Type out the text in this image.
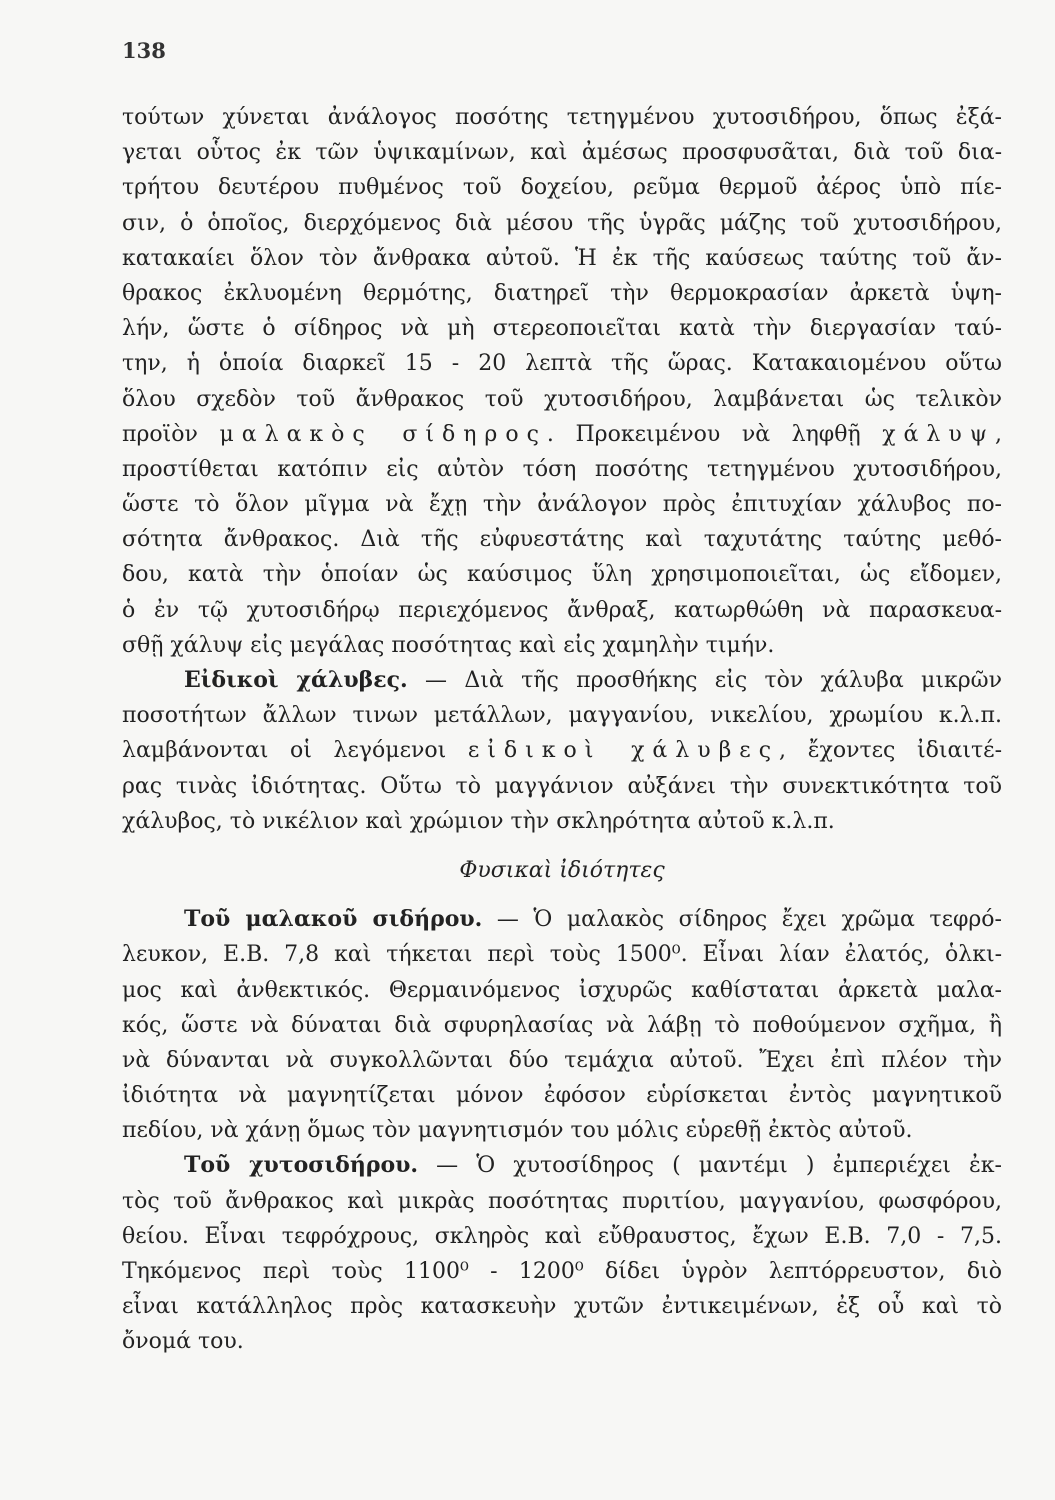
138
τούτων χύνεται ἀνάλογος ποσότης τετηγμένου χυτοσιδήρου, ὅπως ἐξά-
γεται οὗτος ἐκ τῶν ὑψικαμίνων, καὶ ἀμέσως προσφυσᾶται, διὰ τοῦ δια-
τρήτου δευτέρου πυθμένος τοῦ δοχείου, ρεῦμα θερμοῦ ἀέρος ὑπὸ πίε-
σιν, ὁ ὁποῖος, διερχόμενος διὰ μέσου τῆς ὑγρᾶς μάζης τοῦ χυτοσιδήρου,
κατακαίει ὅλον τὸν ἄνθρακα αὐτοῦ. Ἡ ἐκ τῆς καύσεως ταύτης τοῦ ἄν-
θρακος ἐκλυομένη θερμότης, διατηρεῖ τὴν θερμοκρασίαν ἀρκετὰ ὑψη-
λήν, ὥστε ὁ σίδηρος νὰ μὴ στερεοποιεῖται κατὰ τὴν διεργασίαν ταύ-
την, ἡ ὁποία διαρκεῖ 15 - 20 λεπτὰ τῆς ὥρας. Κατακαιομένου οὕτω
ὅλου σχεδὸν τοῦ ἄνθρακος τοῦ χυτοσιδήρου, λαμβάνεται ὡς τελικὸν
προϊὸν μαλακὸς σίδηρος. Προκειμένου νὰ ληφθῇ χάλυψ,
προστίθεται κατόπιν εἰς αὐτὸν τόση ποσότης τετηγμένου χυτοσιδήρου,
ὥστε τὸ ὅλον μῖγμα νὰ ἔχῃ τὴν ἀνάλογον πρὸς ἐπιτυχίαν χάλυβος πο-
σότητα ἄνθρακος. Διὰ τῆς εὐφυεστάτης καὶ ταχυτάτης ταύτης μεθό-
δου, κατὰ τὴν ὁποίαν ὡς καύσιμος ὕλη χρησιμοποιεῖται, ὡς εἴδομεν,
ὁ ἐν τῷ χυτοσιδήρῳ περιεχόμενος ἄνθραξ, κατωρθώθη νὰ παρασκευα-
σθῇ χάλυψ εἰς μεγάλας ποσότητας καὶ εἰς χαμηλὴν τιμήν.
Εἰδικοὶ χάλυβες. — Διὰ τῆς προσθήκης εἰς τὸν χάλυβα μικρῶν
ποσοτήτων ἄλλων τινων μετάλλων, μαγγανίου, νικελίου, χρωμίου κ.λ.π.
λαμβάνονται οἱ λεγόμενοι εἰδικοὶ χάλυβες, ἔχοντες ἰδιαιτέ-
ρας τινὰς ἰδιότητας. Οὕτω τὸ μαγγάνιον αὐξάνει τὴν συνεκτικότητα τοῦ
χάλυβος, τὸ νικέλιον καὶ χρώμιον τὴν σκληρότητα αὐτοῦ κ.λ.π.
Φυσικαὶ ἰδιότητες
Τοῦ μαλακοῦ σιδήρου. — Ὁ μαλακὸς σίδηρος ἔχει χρῶμα τεφρό-
λευκον, Ε.Β. 7,8 καὶ τήκεται περὶ τοὺς 1500⁰. Εἶναι λίαν ἐλατός, ὁλκι-
μος καὶ ἀνθεκτικός. Θερμαινόμενος ἰσχυρῶς καθίσταται ἀρκετὰ μαλα-
κός, ὥστε νὰ δύναται διὰ σφυρηλασίας νὰ λάβῃ τὸ ποθούμενον σχῆμα, ἢ
νὰ δύνανται νὰ συγκολλῶνται δύο τεμάχια αὐτοῦ. Ἔχει ἐπὶ πλέον τὴν
ἰδιότητα νὰ μαγνητίζεται μόνον ἐφόσον εὑρίσκεται ἐντὸς μαγνητικοῦ
πεδίου, νὰ χάνῃ ὅμως τὸν μαγνητισμόν του μόλις εὑρεθῇ ἐκτὸς αὐτοῦ.
Τοῦ χυτοσιδήρου. — Ὁ χυτοσίδηρος ( μαντέμι ) ἐμπεριέχει ἐκ-
τὸς τοῦ ἄνθρακος καὶ μικρὰς ποσότητας πυριτίου, μαγγανίου, φωσφόρου,
θείου. Εἶναι τεφρόχρους, σκληρὸς καὶ εὔθραυστος, ἔχων Ε.Β. 7,0 - 7,5.
Τηκόμενος περὶ τοὺς 1100⁰ - 1200⁰ δίδει ὑγρὸν λεπτόρρευστον, διὸ
εἶναι κατάλληλος πρὸς κατασκευὴν χυτῶν ἐντικειμένων, ἐξ οὗ καὶ τὸ
ὄνομά του.
